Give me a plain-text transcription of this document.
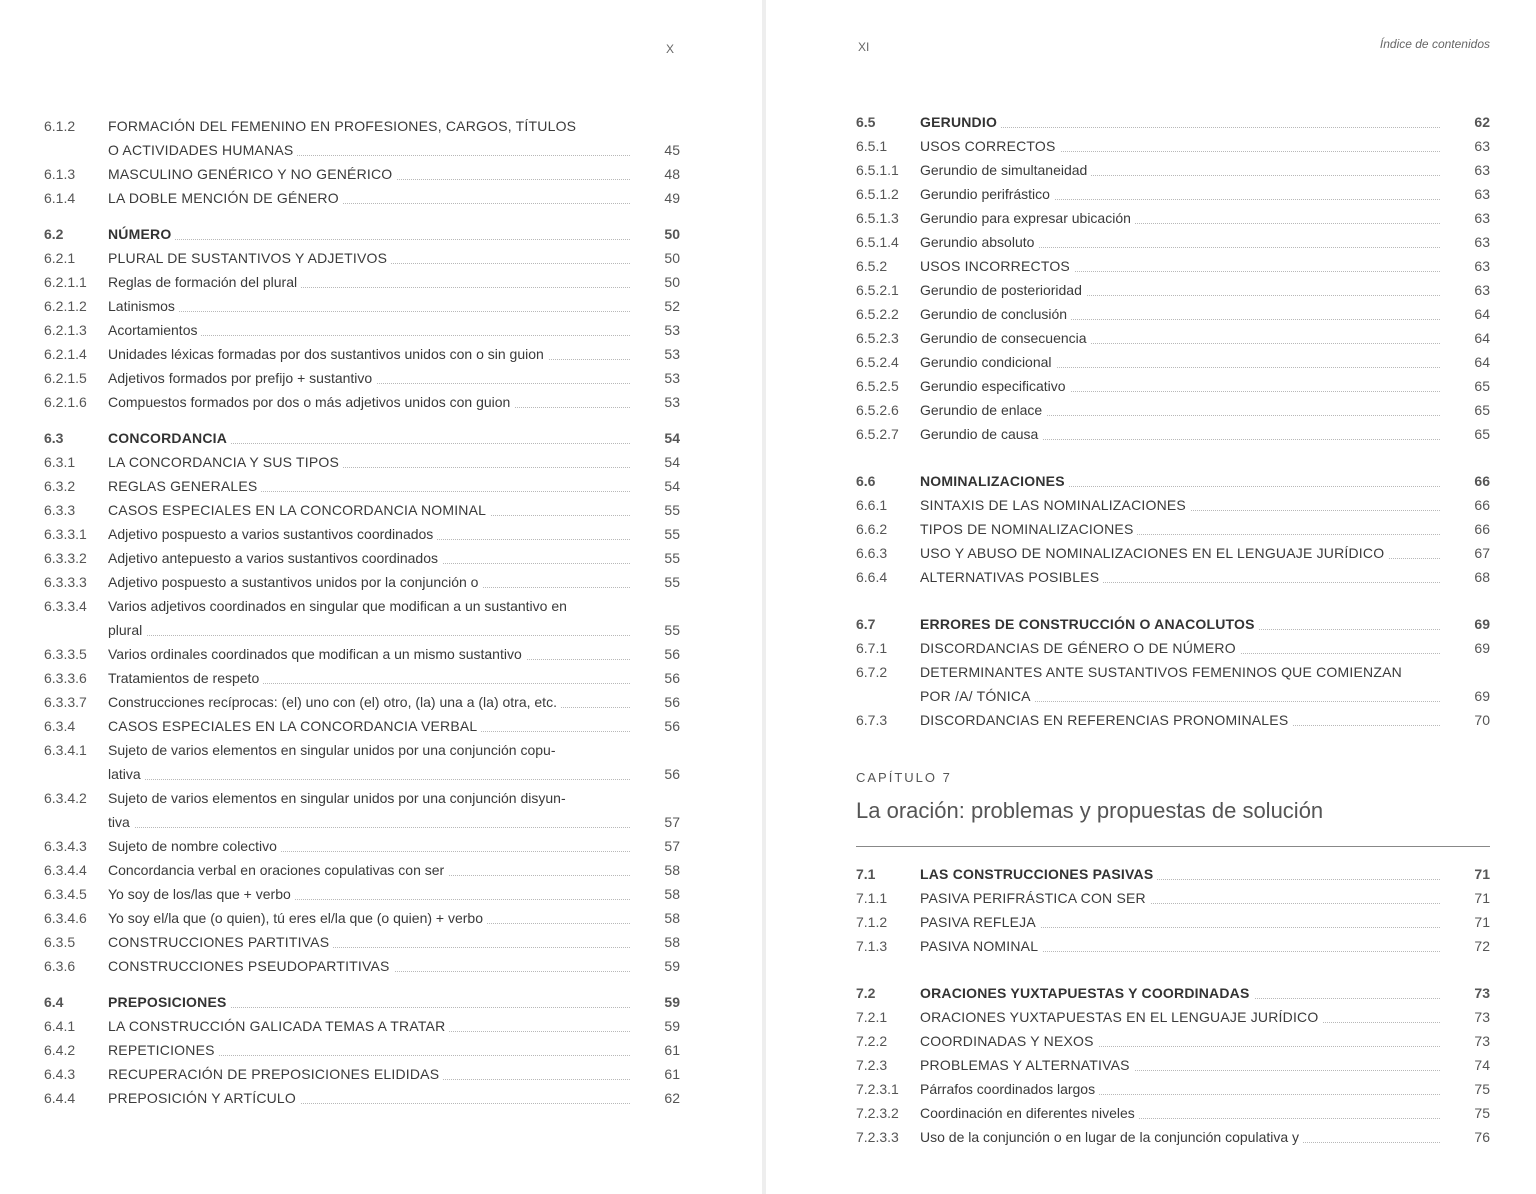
X
6.1.2 FORMACIÓN DEL FEMENINO EN PROFESIONES, CARGOS, TÍTULOS
O ACTIVIDADES HUMANAS	45
6.1.3 MASCULINO GENÉRICO Y NO GENÉRICO	48
6.1.4 LA DOBLE MENCIÓN DE GÉNERO	49
6.2	NÚMERO	50
6.2.1 PLURAL DE SUSTANTIVOS Y ADJETIVOS	50
6.2.1.1 Reglas de formación del plural	50
6.2.1.2 Latinismos	52
6.2.1.3 Acortamientos	53
6.2.1.4 Unidades léxicas formadas por dos sustantivos unidos con o sin guion	53
6.2.1.5 Adjetivos formados por prefijo + sustantivo	53
6.2.1.6 Compuestos formados por dos o más adjetivos unidos con guion	53
6.3	CONCORDANCIA	54
6.3.1 LA CONCORDANCIA Y SUS TIPOS	54
6.3.2 REGLAS GENERALES	54
6.3.3 CASOS ESPECIALES EN LA CONCORDANCIA NOMINAL	55
6.3.3.1 Adjetivo pospuesto a varios sustantivos coordinados	55
6.3.3.2 Adjetivo antepuesto a varios sustantivos coordinados	55
6.3.3.3 Adjetivo pospuesto a sustantivos unidos por la conjunción o	55
6.3.3.4 Varios adjetivos coordinados en singular que modifican a un sustantivo en
plural	55
6.3.3.5 Varios ordinales coordinados que modifican a un mismo sustantivo	56
6.3.3.6 Tratamientos de respeto	56
6.3.3.7 Construcciones recíprocas: (el) uno con (el) otro, (la) una a (la) otra, etc.	56
6.3.4 CASOS ESPECIALES EN LA CONCORDANCIA VERBAL	56
6.3.4.1 Sujeto de varios elementos en singular unidos por una conjunción copu-
lativa	56
6.3.4.2 Sujeto de varios elementos en singular unidos por una conjunción disyun-
tiva	57
6.3.4.3 Sujeto de nombre colectivo	57
6.3.4.4 Concordancia verbal en oraciones copulativas con ser	58
6.3.4.5 Yo soy de los/las que + verbo	58
6.3.4.6 Yo soy el/la que (o quien), tú eres el/la que (o quien) + verbo	58
6.3.5 CONSTRUCCIONES PARTITIVAS	58
6.3.6 CONSTRUCCIONES PSEUDOPARTITIVAS	59
6.4	PREPOSICIONES	59
6.4.1 LA CONSTRUCCIÓN GALICADA TEMAS A TRATAR	59
6.4.2 REPETICIONES	61
6.4.3 RECUPERACIÓN DE PREPOSICIONES ELIDIDAS	61
6.4.4 PREPOSICIÓN Y ARTÍCULO	62
XI	Índice de contenidos
6.5	GERUNDIO	62
6.5.1 USOS CORRECTOS	63
6.5.1.1 Gerundio de simultaneidad	63
6.5.1.2 Gerundio perifrástico	63
6.5.1.3 Gerundio para expresar ubicación	63
6.5.1.4 Gerundio absoluto	63
6.5.2 USOS INCORRECTOS	63
6.5.2.1 Gerundio de posterioridad	63
6.5.2.2 Gerundio de conclusión	64
6.5.2.3 Gerundio de consecuencia	64
6.5.2.4 Gerundio condicional	64
6.5.2.5 Gerundio especificativo	65
6.5.2.6 Gerundio de enlace	65
6.5.2.7 Gerundio de causa	65
6.6	NOMINALIZACIONES	66
6.6.1 SINTAXIS DE LAS NOMINALIZACIONES	66
6.6.2 TIPOS DE NOMINALIZACIONES	66
6.6.3 USO Y ABUSO DE NOMINALIZACIONES EN EL LENGUAJE JURÍDICO	67
6.6.4 ALTERNATIVAS POSIBLES	68
6.7	ERRORES DE CONSTRUCCIÓN O ANACOLUTOS	69
6.7.1 DISCORDANCIAS DE GÉNERO O DE NÚMERO	69
6.7.2 DETERMINANTES ANTE SUSTANTIVOS FEMENINOS QUE COMIENZAN
POR /A/ TÓNICA	69
6.7.3 DISCORDANCIAS EN REFERENCIAS PRONOMINALES	70
CAPÍTULO 7
La oración: problemas y propuestas de solución
7.1	LAS CONSTRUCCIONES PASIVAS	71
7.1.1 PASIVA PERIFRÁSTICA CON SER	71
7.1.2 PASIVA REFLEJA	71
7.1.3 PASIVA NOMINAL	72
7.2	ORACIONES YUXTAPUESTAS Y COORDINADAS	73
7.2.1 ORACIONES YUXTAPUESTAS EN EL LENGUAJE JURÍDICO	73
7.2.2 COORDINADAS Y NEXOS	73
7.2.3 PROBLEMAS Y ALTERNATIVAS	74
7.2.3.1 Párrafos coordinados largos	75
7.2.3.2 Coordinación en diferentes niveles	75
7.2.3.3 Uso de la conjunción o en lugar de la conjunción copulativa y	76
